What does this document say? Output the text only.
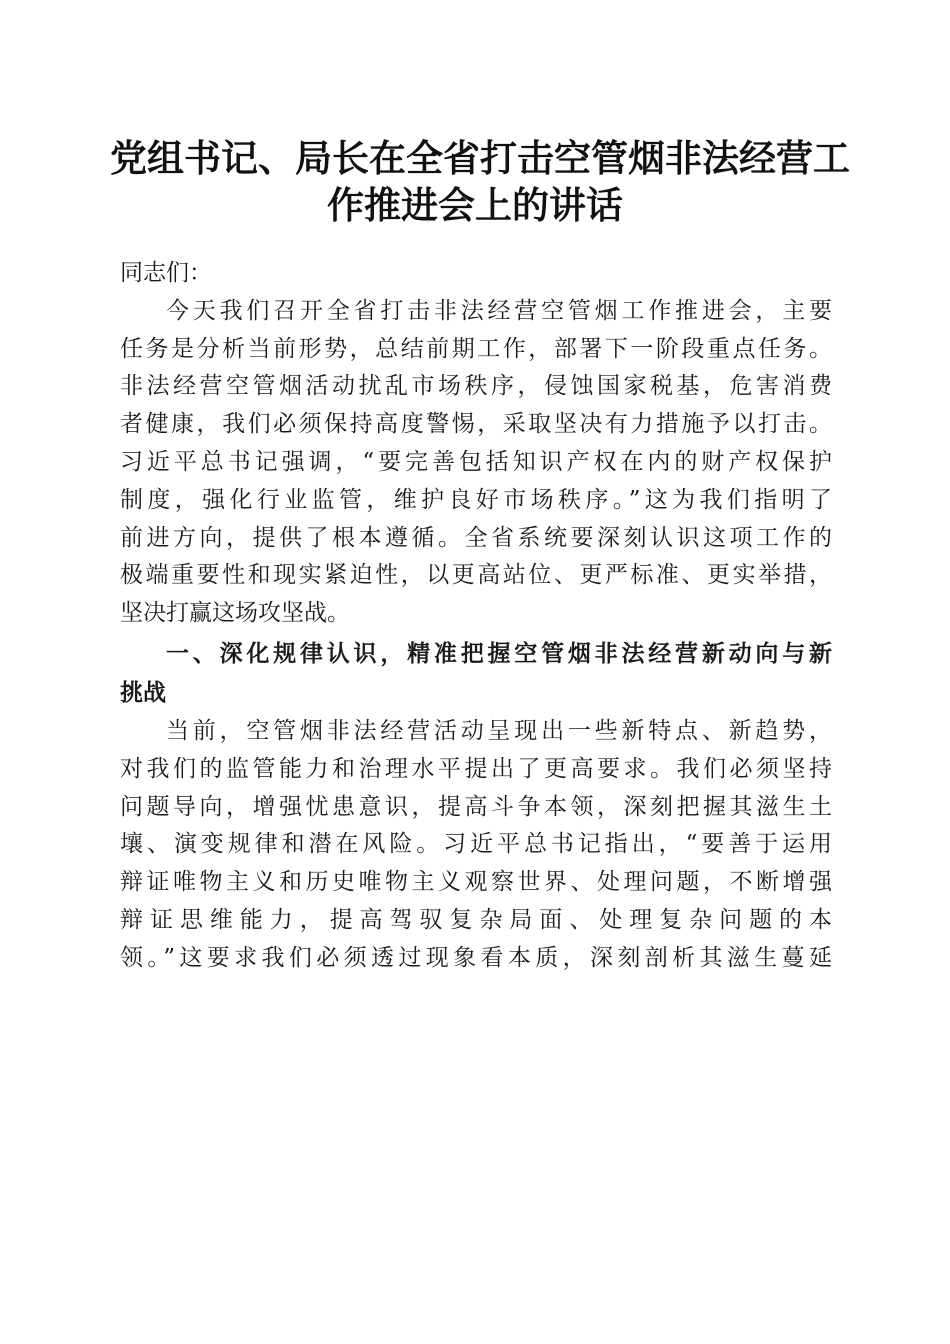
党组书记、局长在全省打击空管烟非法经营工
作推进会上的讲话

同志们：

今天我们召开全省打击非法经营空管烟工作推进会，主要
任务是分析当前形势，总结前期工作，部署下一阶段重点任务。
非法经营空管烟活动扰乱市场秩序，侵蚀国家税基，危害消费
者健康，我们必须保持高度警惕，采取坚决有力措施予以打击。
习近平总书记强调，“要完善包括知识产权在内的财产权保护
制度，强化行业监管，维护良好市场秩序。”这为我们指明了
前进方向，提供了根本遵循。全省系统要深刻认识这项工作的
极端重要性和现实紧迫性，以更高站位、更严标准、更实举措，
坚决打赢这场攻坚战。

一、深化规律认识，精准把握空管烟非法经营新动向与新
挑战

当前，空管烟非法经营活动呈现出一些新特点、新趋势，
对我们的监管能力和治理水平提出了更高要求。我们必须坚持
问题导向，增强忧患意识，提高斗争本领，深刻把握其滋生土
壤、演变规律和潜在风险。习近平总书记指出，“要善于运用
辩证唯物主义和历史唯物主义观察世界、处理问题，不断增强
辩证思维能力，提高驾驭复杂局面、处理复杂问题的本
领。”这要求我们必须透过现象看本质，深刻剖析其滋生蔓延
